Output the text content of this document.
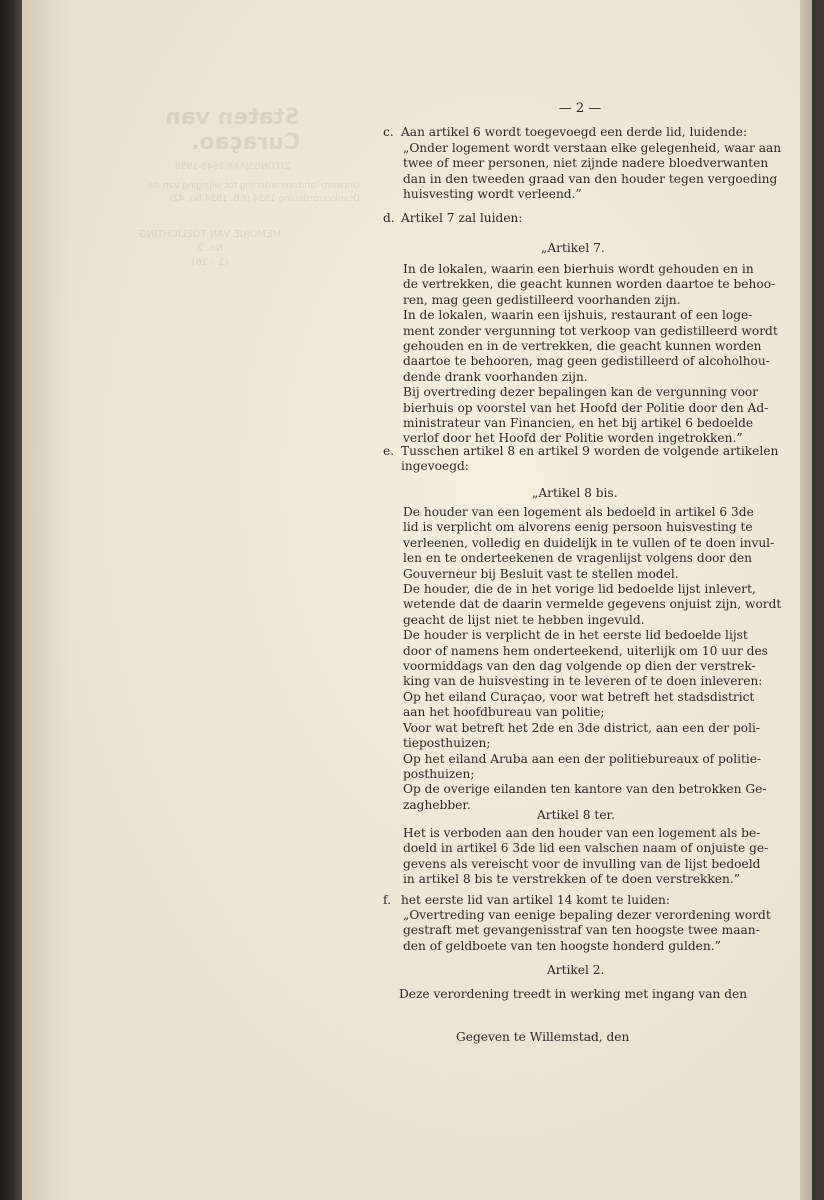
— 2 —
c. Aan artikel 6 wordt toegevoegd een derde lid, luidende:
„Onder logement wordt verstaan elke gelegenheid, waar aan
twee of meer personen, niet zijnde nadere bloedverwanten
dan in den tweeden graad van den houder tegen vergoeding
huisvesting wordt verleend.”
d. Artikel 7 zal luiden:
„Artikel 7.
In de lokalen, waarin een bierhuis wordt gehouden en in
de vertrekken, die geacht kunnen worden daartoe te behoo-
ren, mag geen gedistilleerd voorhanden zijn.
In de lokalen, waarin een ijshuis, restaurant of een loge-
ment zonder vergunning tot verkoop van gedistilleerd wordt
gehouden en in de vertrekken, die geacht kunnen worden
daartoe te behooren, mag geen gedistilleerd of alcoholhou-
dende drank voorhanden zijn.
Bij overtreding dezer bepalingen kan de vergunning voor
bierhuis op voorstel van het Hoofd der Politie door den Ad-
ministrateur van Financien, en het bij artikel 6 bedoelde
verlof door het Hoofd der Politie worden ingetrokken.”
e. Tusschen artikel 8 en artikel 9 worden de volgende artikelen
ingevoegd:
„Artikel 8 bis.
De houder van een logement als bedoeld in artikel 6 3de
lid is verplicht om alvorens eenig persoon huisvesting te
verleenen, volledig en duidelijk in te vullen of te doen invul-
len en te onderteekenen de vragenlijst volgens door den
Gouverneur bij Besluit vast te stellen model.
De houder, die de in het vorige lid bedoelde lijst inlevert,
wetende dat de daarin vermelde gegevens onjuist zijn, wordt
geacht de lijst niet te hebben ingevuld.
De houder is verplicht de in het eerste lid bedoelde lijst
door of namens hem onderteekend, uiterlijk om 10 uur des
voormiddags van den dag volgende op dien der verstrek-
king van de huisvesting in te leveren of te doen inleveren:
Op het eiland Curaçao, voor wat betreft het stadsdistrict
aan het hoofdbureau van politie;
Voor wat betreft het 2de en 3de district, aan een der poli-
tieposthuizen;
Op het eiland Aruba aan een der politiebureaux of politie-
posthuizen;
Op de overige eilanden ten kantore van den betrokken Ge-
zaghebber.
Artikel 8 ter.
Het is verboden aan den houder van een logement als be-
doeld in artikel 6 3de lid een valschen naam of onjuiste ge-
gevens als vereischt voor de invulling van de lijst bedoeld
in artikel 8 bis te verstrekken of te doen verstrekken.”
f. het eerste lid van artikel 14 komt te luiden:
„Overtreding van eenige bepaling dezer verordening wordt
gestraft met gevangenisstraf van ten hoogste twee maan-
den of geldboete van ten hoogste honderd gulden.”
Artikel 2.
Deze verordening treedt in werking met ingang van den
Gegeven te Willemstad, den
